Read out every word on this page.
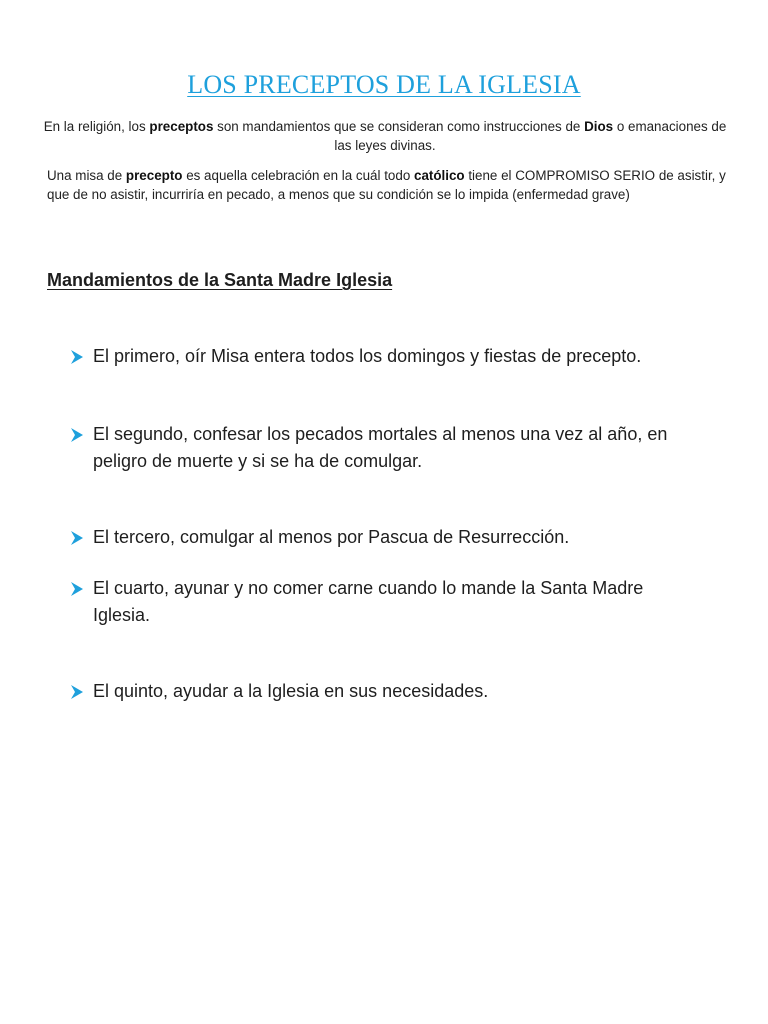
LOS PRECEPTOS DE LA IGLESIA
En la religión, los preceptos son mandamientos que se consideran como instrucciones de Dios o emanaciones de las leyes divinas.
Una misa de precepto es aquella celebración en la cuál todo católico tiene el COMPROMISO SERIO de asistir, y que de no asistir, incurriría en pecado, a menos que su condición se lo impida (enfermedad grave)
Mandamientos de la Santa Madre Iglesia
El primero, oír Misa entera todos los domingos y fiestas de precepto.
El segundo, confesar los pecados mortales al menos una vez al año, en peligro de muerte y si se ha de comulgar.
El tercero, comulgar al menos por Pascua de Resurrección.
El cuarto, ayunar y no comer carne cuando lo mande la Santa Madre Iglesia.
El quinto, ayudar a la Iglesia en sus necesidades.
